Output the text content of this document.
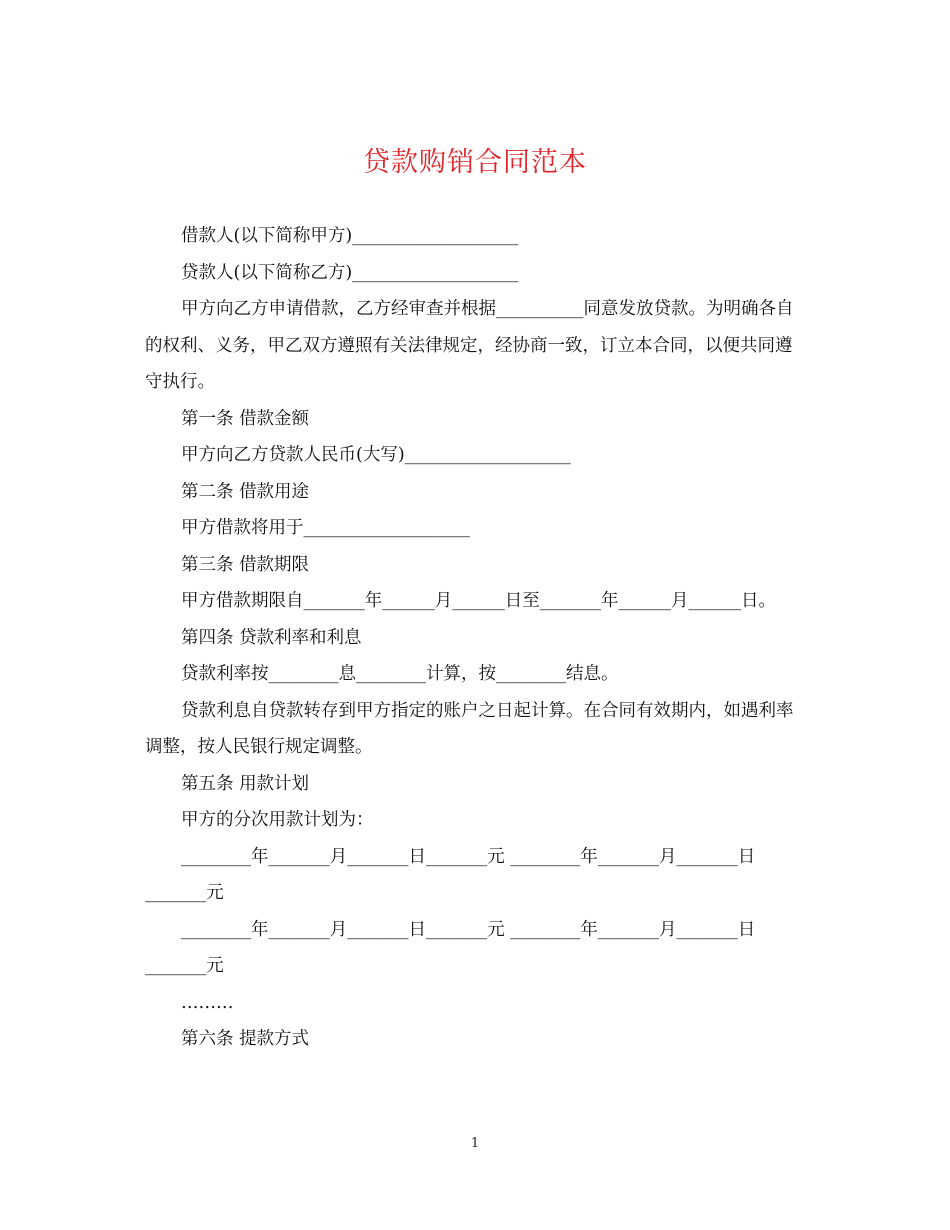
贷款购销合同范本

借款人(以下简称甲方)___________________

贷款人(以下简称乙方)___________________

甲方向乙方申请借款，乙方经审查并根据__________同意发放贷款。为明确各自的权利、义务，甲乙双方遵照有关法律规定，经协商一致，订立本合同，以便共同遵守执行。

第一条 借款金额

甲方向乙方贷款人民币(大写)___________________

第二条 借款用途

甲方借款将用于___________________

第三条 借款期限

甲方借款期限自_______年______月______日至_______年______月______日。

第四条 贷款利率和利息

贷款利率按________息________计算，按________结息。

贷款利息自贷款转存到甲方指定的账户之日起计算。在合同有效期内，如遇利率调整，按人民银行规定调整。

第五条 用款计划

甲方的分次用款计划为：

________年_______月_______日_______元 ________年_______月_______日_______元

________年_______月_______日_______元 ________年_______月_______日_______元

………

第六条 提款方式

1
